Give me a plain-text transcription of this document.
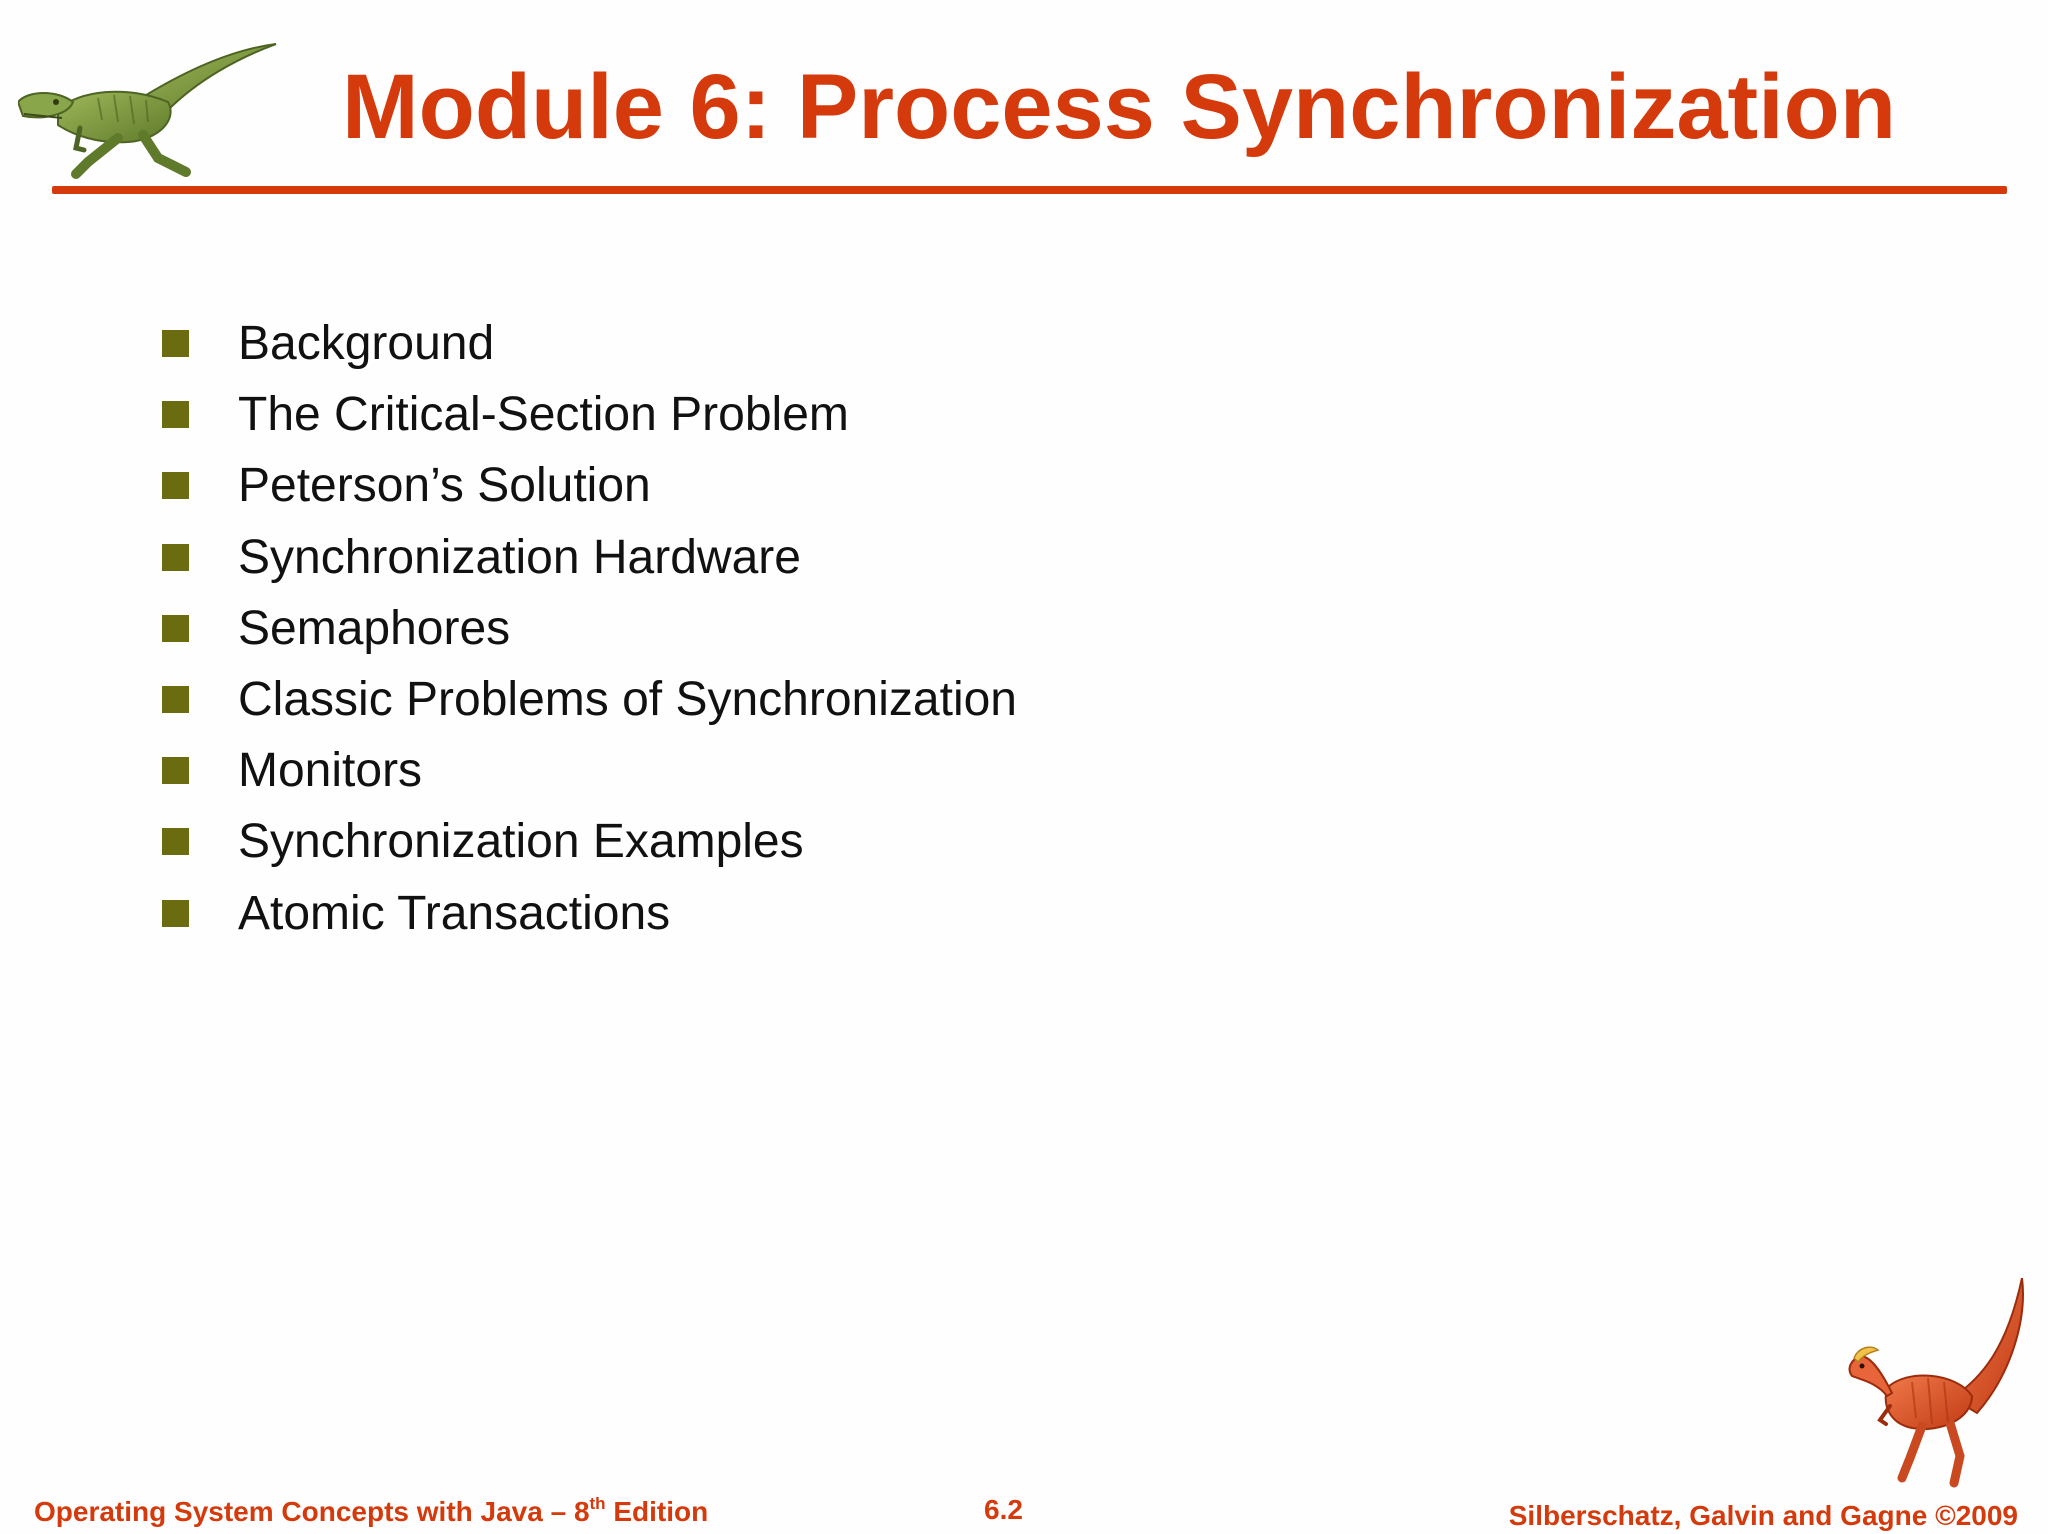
Module 6: Process Synchronization
Background
The Critical-Section Problem
Peterson’s Solution
Synchronization Hardware
Semaphores
Classic Problems of Synchronization
Monitors
Synchronization Examples
Atomic Transactions
Operating System Concepts with Java – 8th Edition	6.2	Silberschatz, Galvin and Gagne ©2009
